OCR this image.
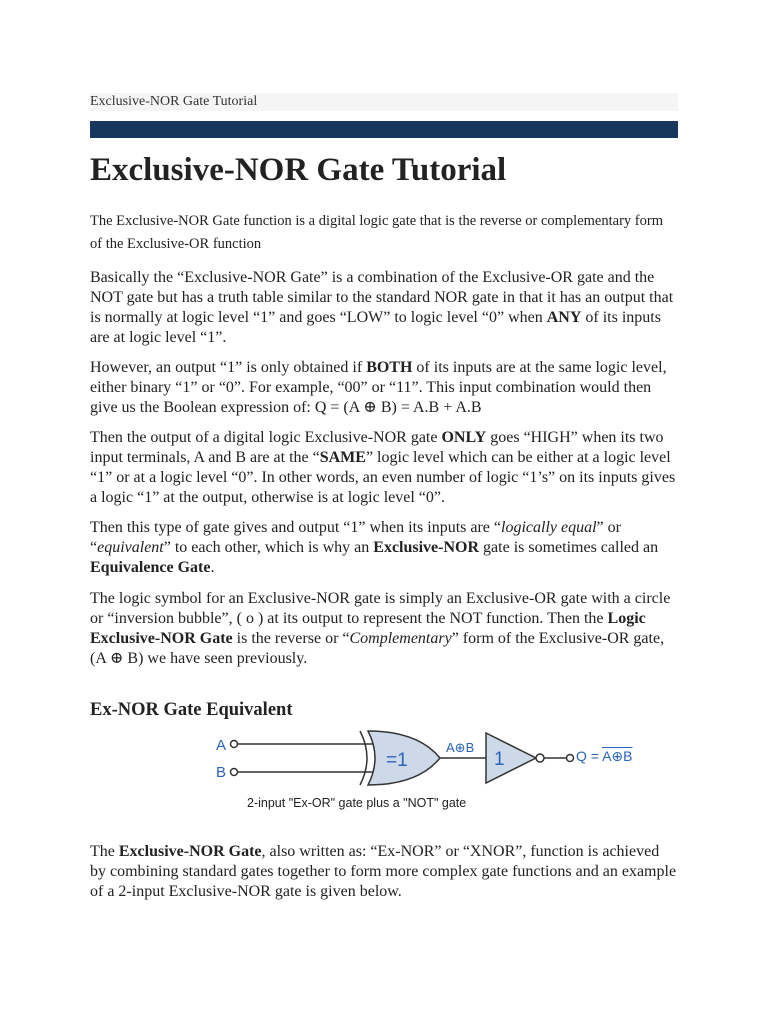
Exclusive-NOR Gate Tutorial
Exclusive-NOR Gate Tutorial

The Exclusive-NOR Gate function is a digital logic gate that is the reverse or complementary form of the Exclusive-OR function

Basically the “Exclusive-NOR Gate” is a combination of the Exclusive-OR gate and the NOT gate but has a truth table similar to the standard NOR gate in that it has an output that is normally at logic level “1” and goes “LOW” to logic level “0” when ANY of its inputs are at logic level “1”.

However, an output “1” is only obtained if BOTH of its inputs are at the same logic level, either binary “1” or “0”. For example, “00” or “11”. This input combination would then give us the Boolean expression of: Q = (A ⊕ B) = A.B + A.B

Then the output of a digital logic Exclusive-NOR gate ONLY goes “HIGH” when its two input terminals, A and B are at the “SAME” logic level which can be either at a logic level “1” or at a logic level “0”. In other words, an even number of logic “1’s” on its inputs gives a logic “1” at the output, otherwise is at logic level “0”.

Then this type of gate gives and output “1” when its inputs are “logically equal” or “equivalent” to each other, which is why an Exclusive-NOR gate is sometimes called an Equivalence Gate.

The logic symbol for an Exclusive-NOR gate is simply an Exclusive-OR gate with a circle or “inversion bubble”, ( o ) at its output to represent the NOT function. Then the Logic Exclusive-NOR Gate is the reverse or “Complementary” form of the Exclusive-OR gate, (A ⊕ B) we have seen previously.

Ex-NOR Gate Equivalent
A
B
=1
A⊕B
1	Q = A⊕B
2-input "Ex-OR" gate plus a "NOT" gate

The Exclusive-NOR Gate, also written as: “Ex-NOR” or “XNOR”, function is achieved by combining standard gates together to form more complex gate functions and an example of a 2-input Exclusive-NOR gate is given below.
